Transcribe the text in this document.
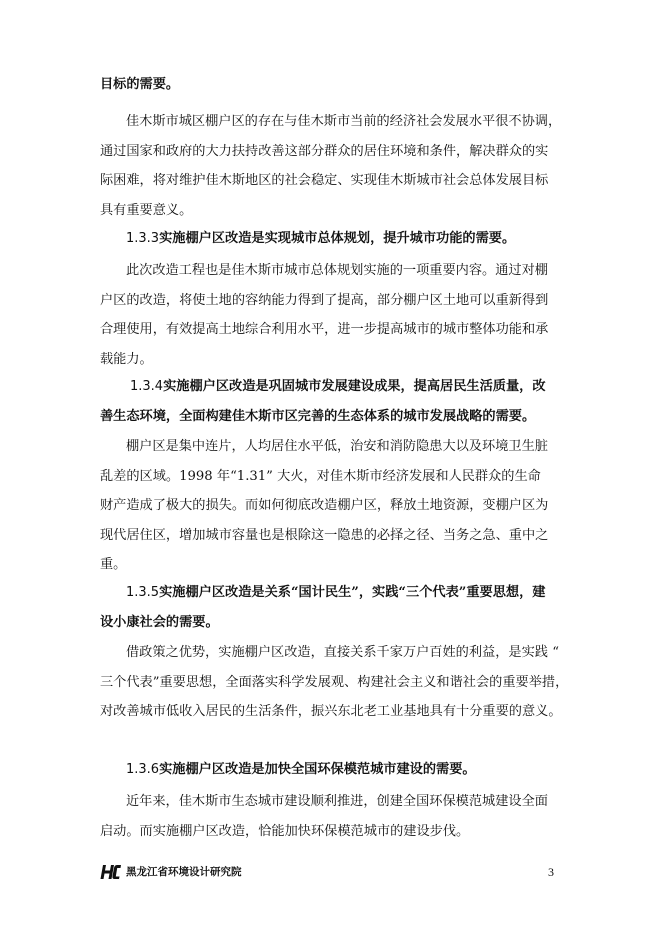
目标的需要。
佳木斯市城区棚户区的存在与佳木斯市当前的经济社会发展水平很不协调，
通过国家和政府的大力扶持改善这部分群众的居住环境和条件，解决群众的实
际困难，将对维护佳木斯地区的社会稳定、实现佳木斯城市社会总体发展目标
具有重要意义。
1.3.3实施棚户区改造是实现城市总体规划，提升城市功能的需要。
此次改造工程也是佳木斯市城市总体规划实施的一项重要内容。通过对棚
户区的改造，将使土地的容纳能力得到了提高，部分棚户区土地可以重新得到
合理使用，有效提高土地综合利用水平，进一步提高城市的城市整体功能和承
载能力。
1.3.4实施棚户区改造是巩固城市发展建设成果，提高居民生活质量，改
善生态环境，全面构建佳木斯市区完善的生态体系的城市发展战略的需要。
棚户区是集中连片，人均居住水平低，治安和消防隐患大以及环境卫生脏
乱差的区域。1998 年“1.31” 大火，对佳木斯市经济发展和人民群众的生命
财产造成了极大的损失。而如何彻底改造棚户区，释放土地资源，变棚户区为
现代居住区，增加城市容量也是根除这一隐患的必择之径、当务之急、重中之
重。
1.3.5实施棚户区改造是关系“国计民生”，实践“三个代表”重要思想，建
设小康社会的需要。
借政策之优势，实施棚户区改造，直接关系千家万户百姓的利益，是实践 “
三个代表”重要思想，全面落实科学发展观、构建社会主义和谐社会的重要举措，
对改善城市低收入居民的生活条件，振兴东北老工业基地具有十分重要的意义。
1.3.6实施棚户区改造是加快全国环保模范城市建设的需要。
近年来，佳木斯市生态城市建设顺利推进，创建全国环保模范城建设全面
启动。而实施棚户区改造，恰能加快环保模范城市的建设步伐。
黑龙江省环境设计研究院	3
